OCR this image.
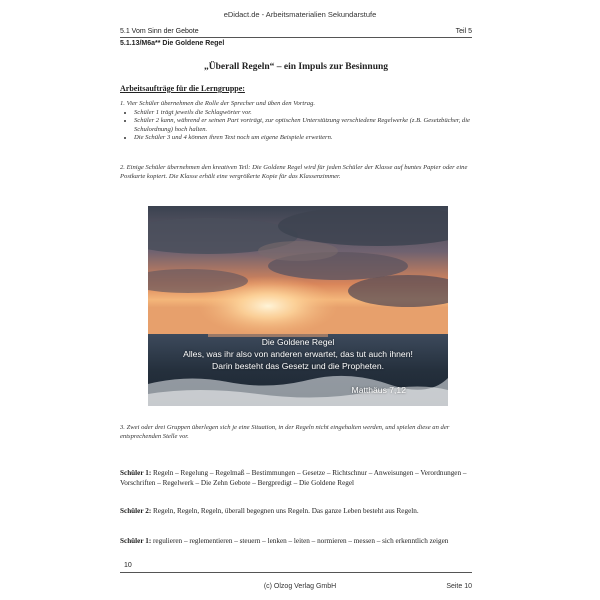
eDidact.de - Arbeitsmaterialien Sekundarstufe
5.1 Vom Sinn der Gebote	Teil 5
5.1.13/M6a** Die Goldene Regel
„Überall Regeln“ – ein Impuls zur Besinnung
Arbeitsaufträge für die Lerngruppe:
1. Vier Schüler übernehmen die Rolle der Sprecher und üben den Vortrag.
• Schüler 1 trägt jeweils die Schlagwörter vor.
• Schüler 2 kann, während er seinen Part vorträgt, zur optischen Unterstützung verschiedene Regelwerke (z.B. Gesetzbücher, die Schulordnung) hoch halten.
• Die Schüler 3 und 4 können ihren Text noch um eigene Beispiele erweitern.
2. Einige Schüler übernehmen den kreativen Teil: Die Goldene Regel wird für jeden Schüler der Klasse auf buntes Papier oder eine Postkarte kopiert. Die Klasse erhält eine vergrößerte Kopie für das Klassenzimmer.
Die Goldene Regel
Alles, was ihr also von anderen erwartet, das tut auch ihnen!
Darin besteht das Gesetz und die Propheten.
Matthäus 7,12
3. Zwei oder drei Gruppen überlegen sich je eine Situation, in der Regeln nicht eingehalten werden, und spielen diese an der entsprechenden Stelle vor.
Schüler 1: Regeln – Regelung – Regelmaß – Bestimmungen – Gesetze – Richtschnur – Anweisungen – Verordnungen – Vorschriften – Regelwerk – Die Zehn Gebote – Bergpredigt – Die Goldene Regel
Schüler 2: Regeln, Regeln, Regeln, überall begegnen uns Regeln. Das ganze Leben besteht aus Regeln.
Schüler 1: regulieren – reglementieren – steuern – lenken – leiten – normieren – messen – sich erkenntlich zeigen
10
(c) Olzog Verlag GmbH	Seite 10
